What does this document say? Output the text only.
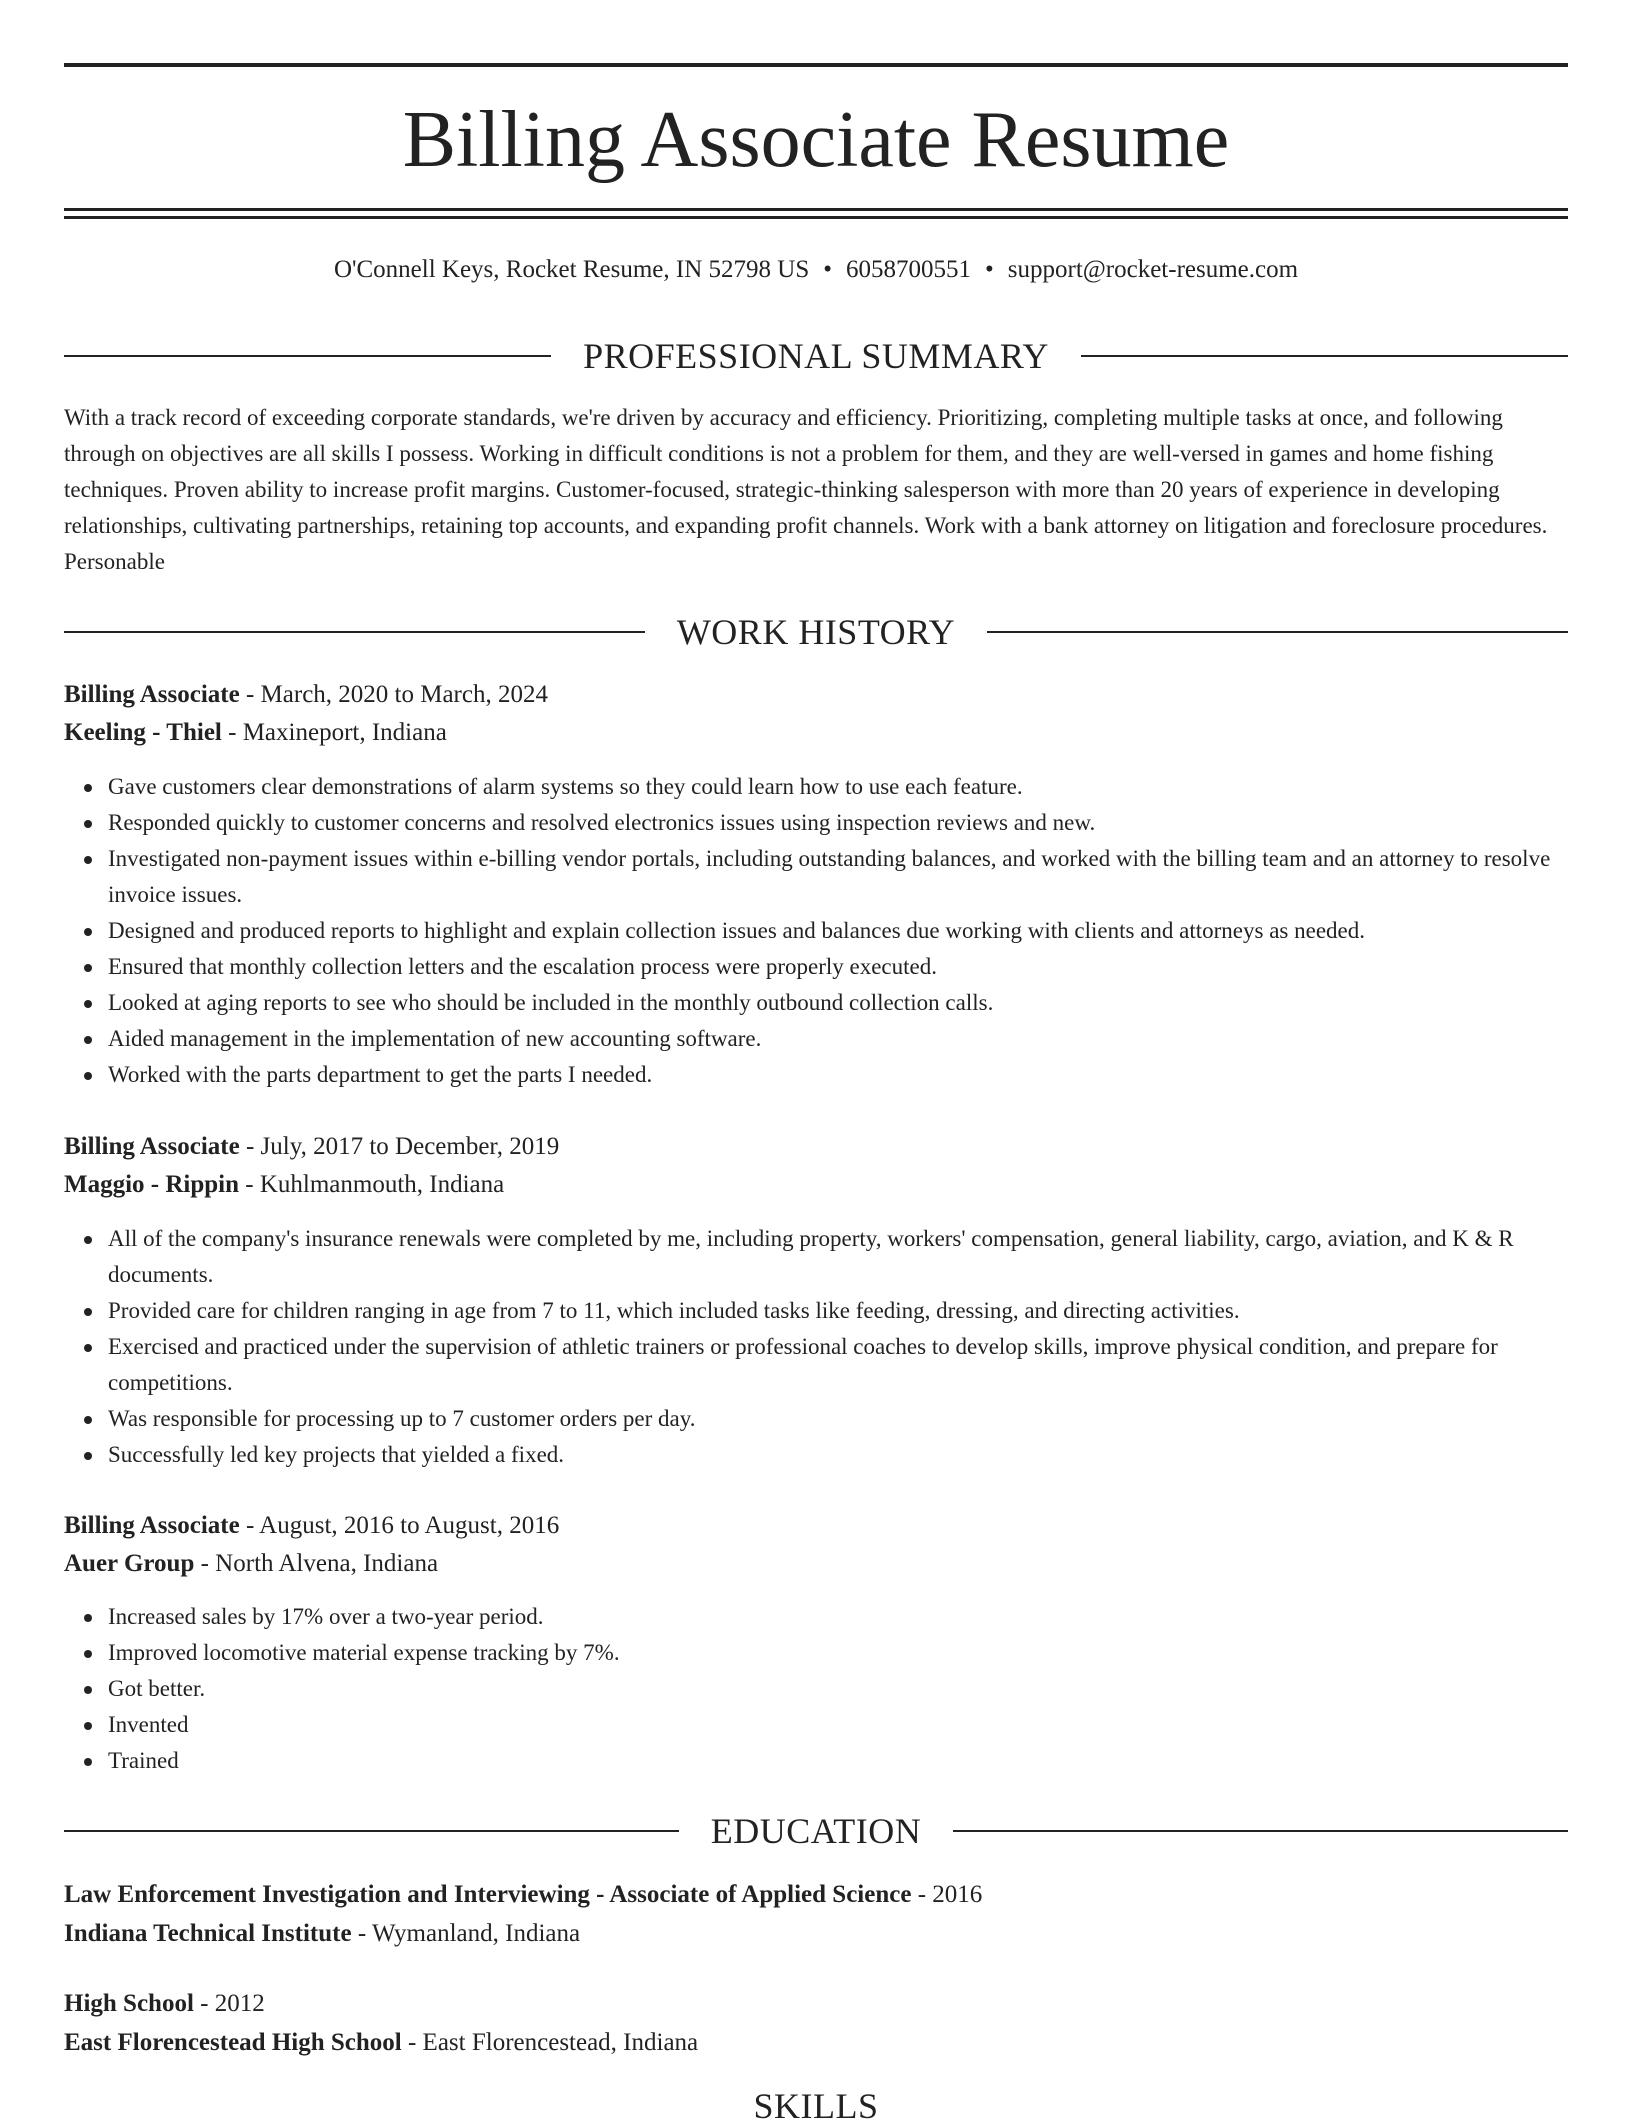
Billing Associate Resume
O'Connell Keys, Rocket Resume, IN 52798 US • 6058700551 • support@rocket-resume.com
PROFESSIONAL SUMMARY

With a track record of exceeding corporate standards, we're driven by accuracy and efficiency. Prioritizing, completing multiple tasks at once, and following through on objectives are all skills I possess. Working in difficult conditions is not a problem for them, and they are well-versed in games and home fishing techniques. Proven ability to increase profit margins. Customer-focused, strategic-thinking salesperson with more than 20 years of experience in developing relationships, cultivating partnerships, retaining top accounts, and expanding profit channels. Work with a bank attorney on litigation and foreclosure procedures. Personable

WORK HISTORY
Billing Associate - March, 2020 to March, 2024
Keeling - Thiel - Maxineport, Indiana
Gave customers clear demonstrations of alarm systems so they could learn how to use each feature.
Responded quickly to customer concerns and resolved electronics issues using inspection reviews and new.
Investigated non-payment issues within e-billing vendor portals, including outstanding balances, and worked with the billing team and an attorney to resolve invoice issues.
Designed and produced reports to highlight and explain collection issues and balances due working with clients and attorneys as needed.
Ensured that monthly collection letters and the escalation process were properly executed.
Looked at aging reports to see who should be included in the monthly outbound collection calls.
Aided management in the implementation of new accounting software.
Worked with the parts department to get the parts I needed.
Billing Associate - July, 2017 to December, 2019
Maggio - Rippin - Kuhlmanmouth, Indiana
All of the company's insurance renewals were completed by me, including property, workers' compensation, general liability, cargo, aviation, and K & R documents.
Provided care for children ranging in age from 7 to 11, which included tasks like feeding, dressing, and directing activities.
Exercised and practiced under the supervision of athletic trainers or professional coaches to develop skills, improve physical condition, and prepare for competitions.
Was responsible for processing up to 7 customer orders per day.
Successfully led key projects that yielded a fixed.
Billing Associate - August, 2016 to August, 2016
Auer Group - North Alvena, Indiana
Increased sales by 17% over a two-year period.
Improved locomotive material expense tracking by 7%.
Got better.
Invented
Trained
EDUCATION
Law Enforcement Investigation and Interviewing - Associate of Applied Science - 2016
Indiana Technical Institute - Wymanland, Indiana
High School - 2012
East Florencestead High School - East Florencestead, Indiana
SKILLS
